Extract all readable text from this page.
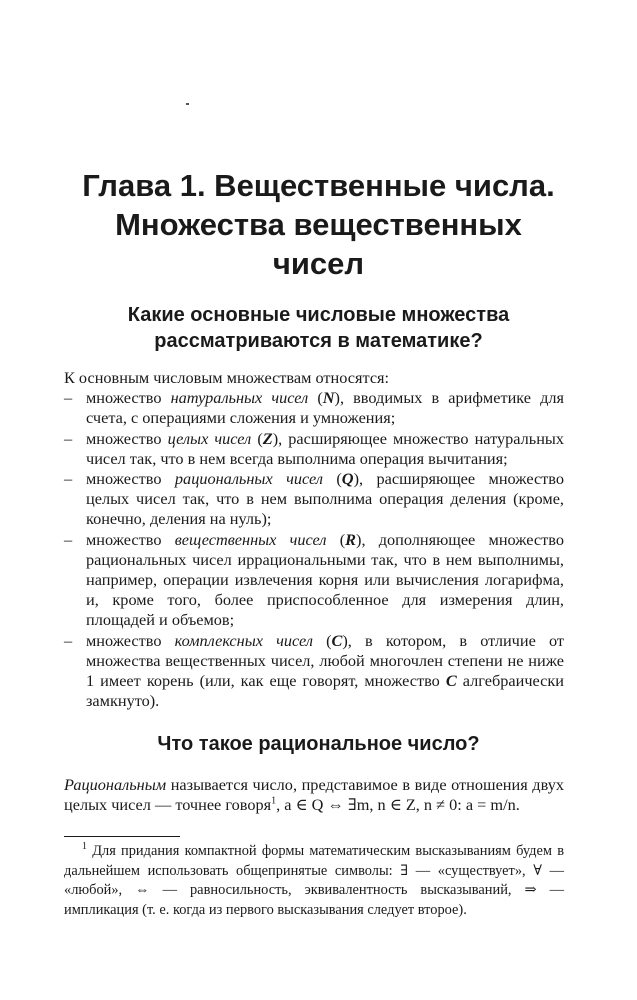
Глава 1. Вещественные числа.
Множества вещественных
чисел
Какие основные числовые множества
рассматриваются в математике?
К основным числовым множествам относятся:
– множество натуральных чисел (N), вводимых в арифметике для счета, с операциями сложения и умножения;
– множество целых чисел (Z), расширяющее множество натуральных чисел так, что в нем всегда выполнима операция вычитания;
– множество рациональных чисел (Q), расширяющее множество целых чисел так, что в нем выполнима операция деления (кроме, конечно, деления на нуль);
– множество вещественных чисел (R), дополняющее множество рациональных чисел иррациональными так, что в нем выполнимы, например, операции извлечения корня или вычисления логарифма, и, кроме того, более приспособленное для измерения длин, площадей и объемов;
– множество комплексных чисел (C), в котором, в отличие от множества вещественных чисел, любой многочлен степени не ниже 1 имеет корень (или, как еще говорят, множество C алгебраически замкнуто).
Что такое рациональное число?
Рациональным называется число, представимое в виде отношения двух целых чисел — точнее говоря$^1$, a ∈ Q ⇔ ∃m, n ∈ Z, n ≠ 0: a = m/n.
$^1$ Для придания компактной формы математическим высказываниям будем в дальнейшем использовать общепринятые символы: ∃ — «существует», ∀ — «любой», ⇔ — равносильность, эквивалентность высказываний, ⇒ — импликация (т. е. когда из первого высказывания следует второе).
